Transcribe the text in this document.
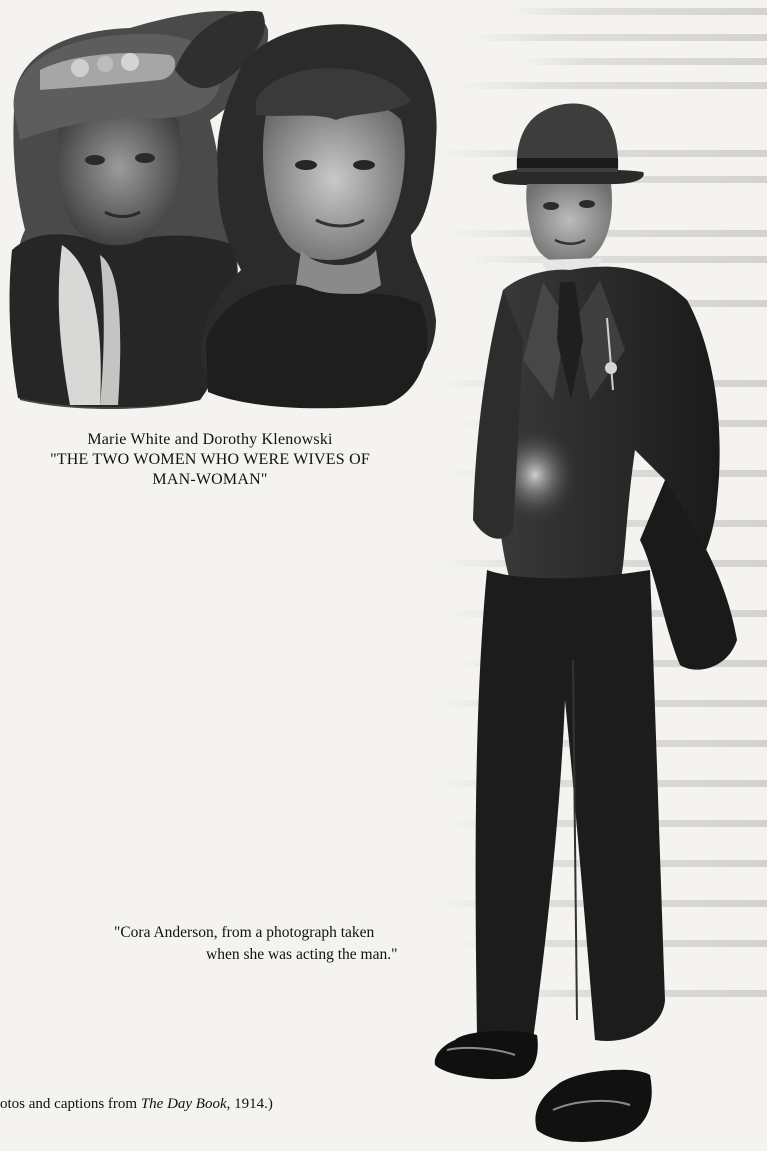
Marie White and Dorothy Klenowski
"THE TWO WOMEN WHO WERE WIVES OF
MAN-WOMAN"
"Cora Anderson, from a photograph taken
when she was acting the man."
otos and captions from The Day Book, 1914.)
